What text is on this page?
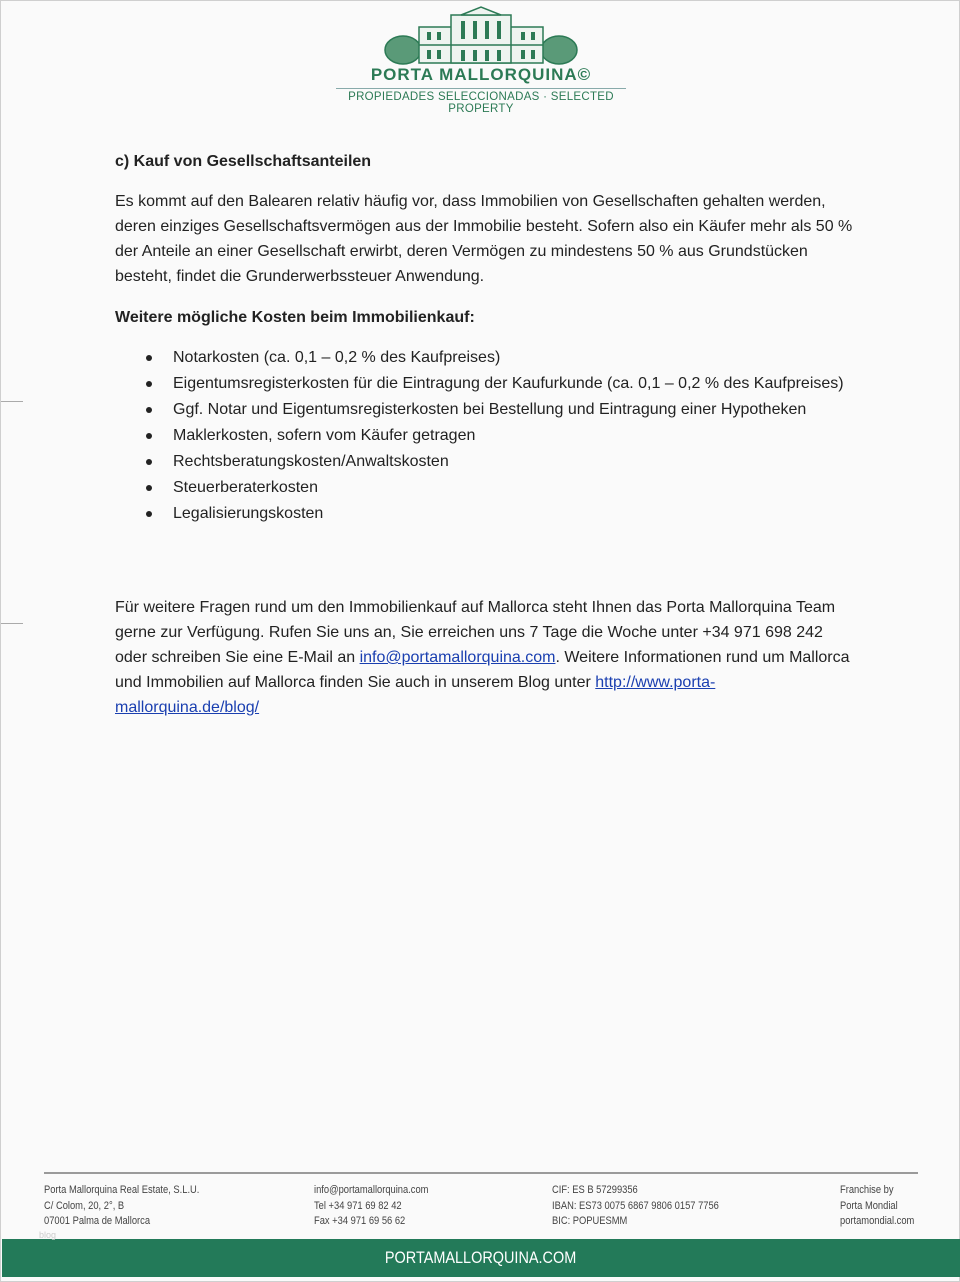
PORTA MALLORQUINA©
PROPIEDADES SELECCIONADAS · SELECTED PROPERTY
c) Kauf von Gesellschaftsanteilen

Es kommt auf den Balearen relativ häufig vor, dass Immobilien von Gesellschaften gehalten werden, deren einziges Gesellschaftsvermögen aus der Immobilie besteht. Sofern also ein Käufer mehr als 50 % der Anteile an einer Gesellschaft erwirbt, deren Vermögen zu mindestens 50 % aus Grundstücken besteht, findet die Grunderwerbssteuer Anwendung.

Weitere mögliche Kosten beim Immobilienkauf:
Notarkosten (ca. 0,1 – 0,2 % des Kaufpreises)
Eigentumsregisterkosten für die Eintragung der Kaufurkunde (ca. 0,1 – 0,2 % des Kaufpreises)
Ggf. Notar und Eigentumsregisterkosten bei Bestellung und Eintragung einer Hypotheken
Maklerkosten, sofern vom Käufer getragen
Rechtsberatungskosten/Anwaltskosten
Steuerberaterkosten
Legalisierungskosten

Für weitere Fragen rund um den Immobilienkauf auf Mallorca steht Ihnen das Porta Mallorquina Team gerne zur Verfügung. Rufen Sie uns an, Sie erreichen uns 7 Tage die Woche unter +34 971 698 242 oder schreiben Sie eine E-Mail an info@portamallorquina.com. Weitere Informationen rund um Mallorca und Immobilien auf Mallorca finden Sie auch in unserem Blog unter http://www.porta-mallorquina.de/blog/

Porta Mallorquina Real Estate, S.L.U.
C/ Colom, 20, 2°, B
07001 Palma de Mallorca
info@portamallorquina.com
Tel +34 971 69 82 42
Fax +34 971 69 56 62
CIF: ES B 57299356
IBAN: ES73 0075 6867 9806 0157 7756
BIC: POPUESMM
Franchise by
Porta Mondial
portamondial.com
PORTAMALLORQUINA.COM
blog
